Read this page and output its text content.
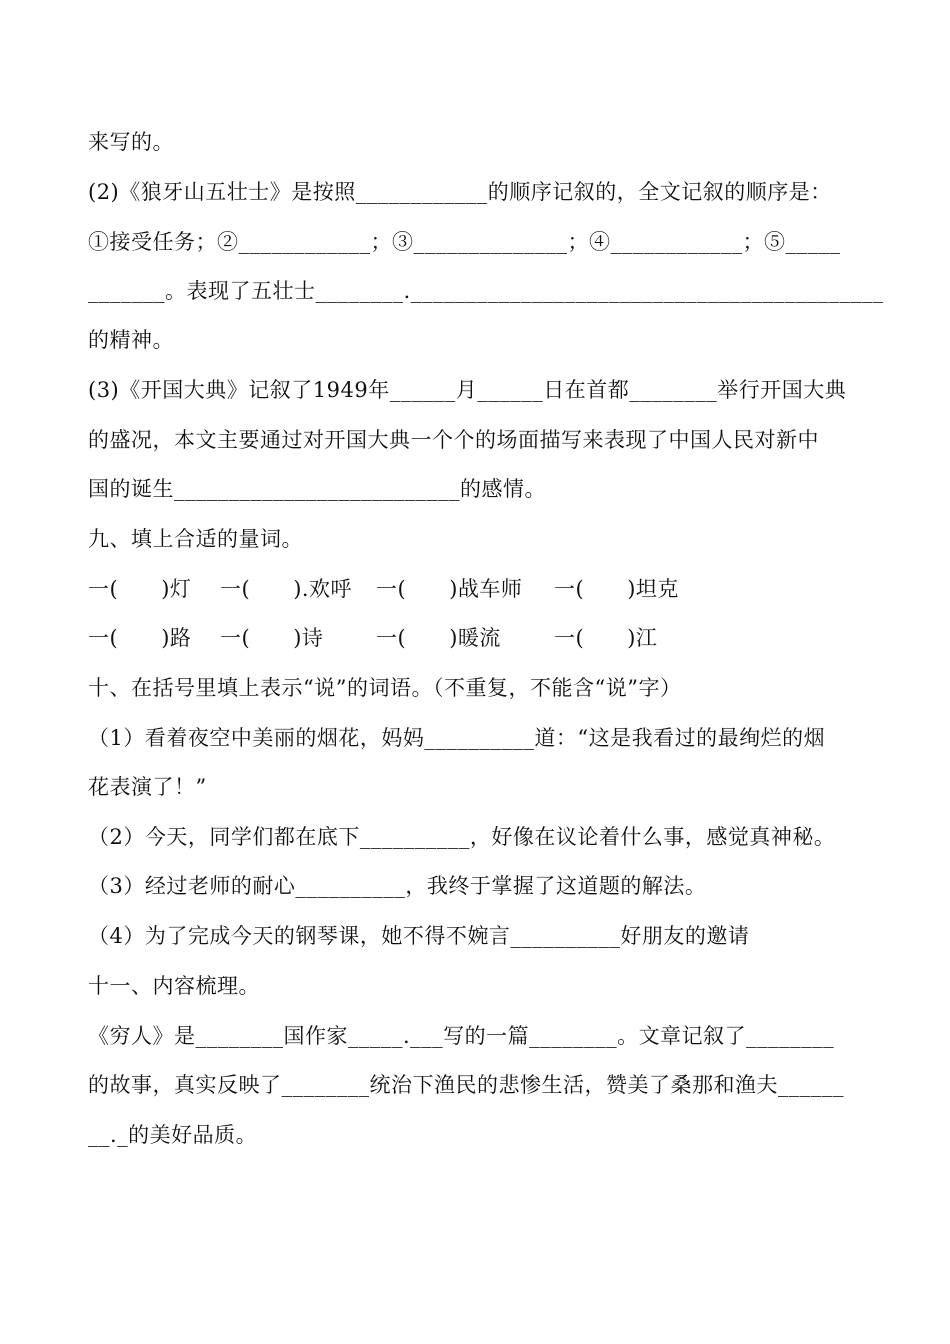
来写的。
(2)《狼牙山五壮士》是按照____________的顺序记叙的，全文记叙的顺序是：
①接受任务；②____________；③______________；④____________；⑤_____
_______。表现了五壮士________.___________________________________________
的精神。
(3)《开国大典》记叙了1949年______月______日在首都________举行开国大典
的盛况，本文主要通过对开国大典一个个的场面描写来表现了中国人民对新中
国的诞生__________________________的感情。
九、填上合适的量词。
一(　　)灯	一(　　).欢呼	一(　　)战车师	一(　　)坦克
一(　　)路	一(　　)诗	一(　　)暖流	一(　　)江
十、在括号里填上表示“说”的词语。（不重复，不能含“说”字）
（1）看着夜空中美丽的烟花，妈妈__________道：“这是我看过的最绚烂的烟
花表演了！”
（2）今天，同学们都在底下__________，好像在议论着什么事，感觉真神秘。
（3）经过老师的耐心__________，我终于掌握了这道题的解法。
（4）为了完成今天的钢琴课，她不得不婉言__________好朋友的邀请
十一、内容梳理。
《穷人》是________国作家_____.___写的一篇________。文章记叙了________
的故事，真实反映了________统治下渔民的悲惨生活，赞美了桑那和渔夫______
__._的美好品质。
